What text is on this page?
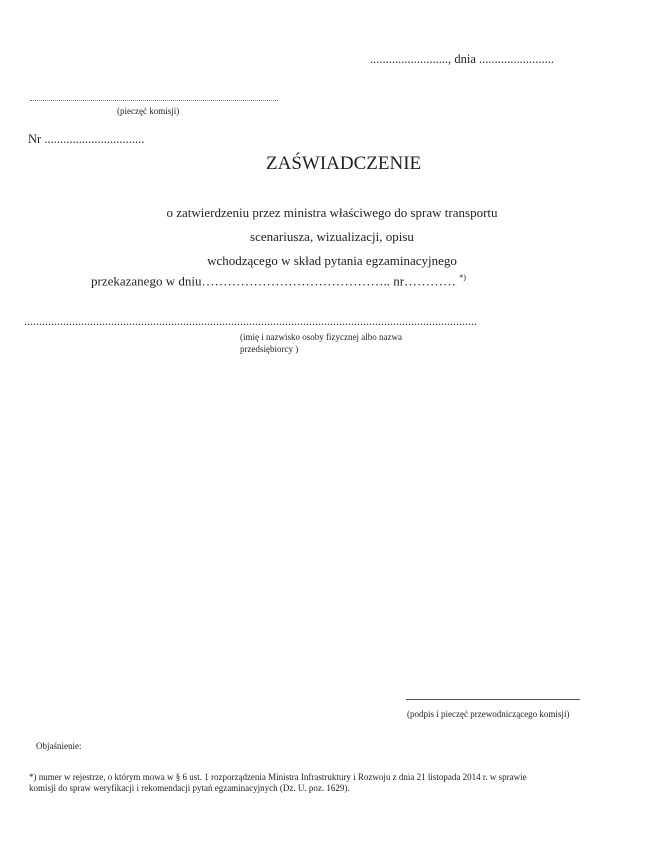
........................., dnia ........................
(pieczęć komisji)
Nr ................................
ZAŚWIADCZENIE
o zatwierdzeniu przez ministra właściwego do spraw transportu
scenariusza, wizualizacji, opisu
wchodzącego w skład pytania egzaminacyjnego
przekazanego w dniu…………………………………….. nr………… *)
.......................................................................................................................................................
(imię i nazwisko osoby fizycznej albo nazwa
przedsiębiorcy )
(podpis i pieczęć przewodniczącego komisji)
Objaśnienie:
*) numer w rejestrze, o którym mowa w § 6 ust. 1 rozporządzenia Ministra Infrastruktury i Rozwoju z dnia 21 listopada 2014 r. w sprawie
komisji do spraw weryfikacji i rekomendacji pytań egzaminacyjnych (Dz. U. poz. 1629).
